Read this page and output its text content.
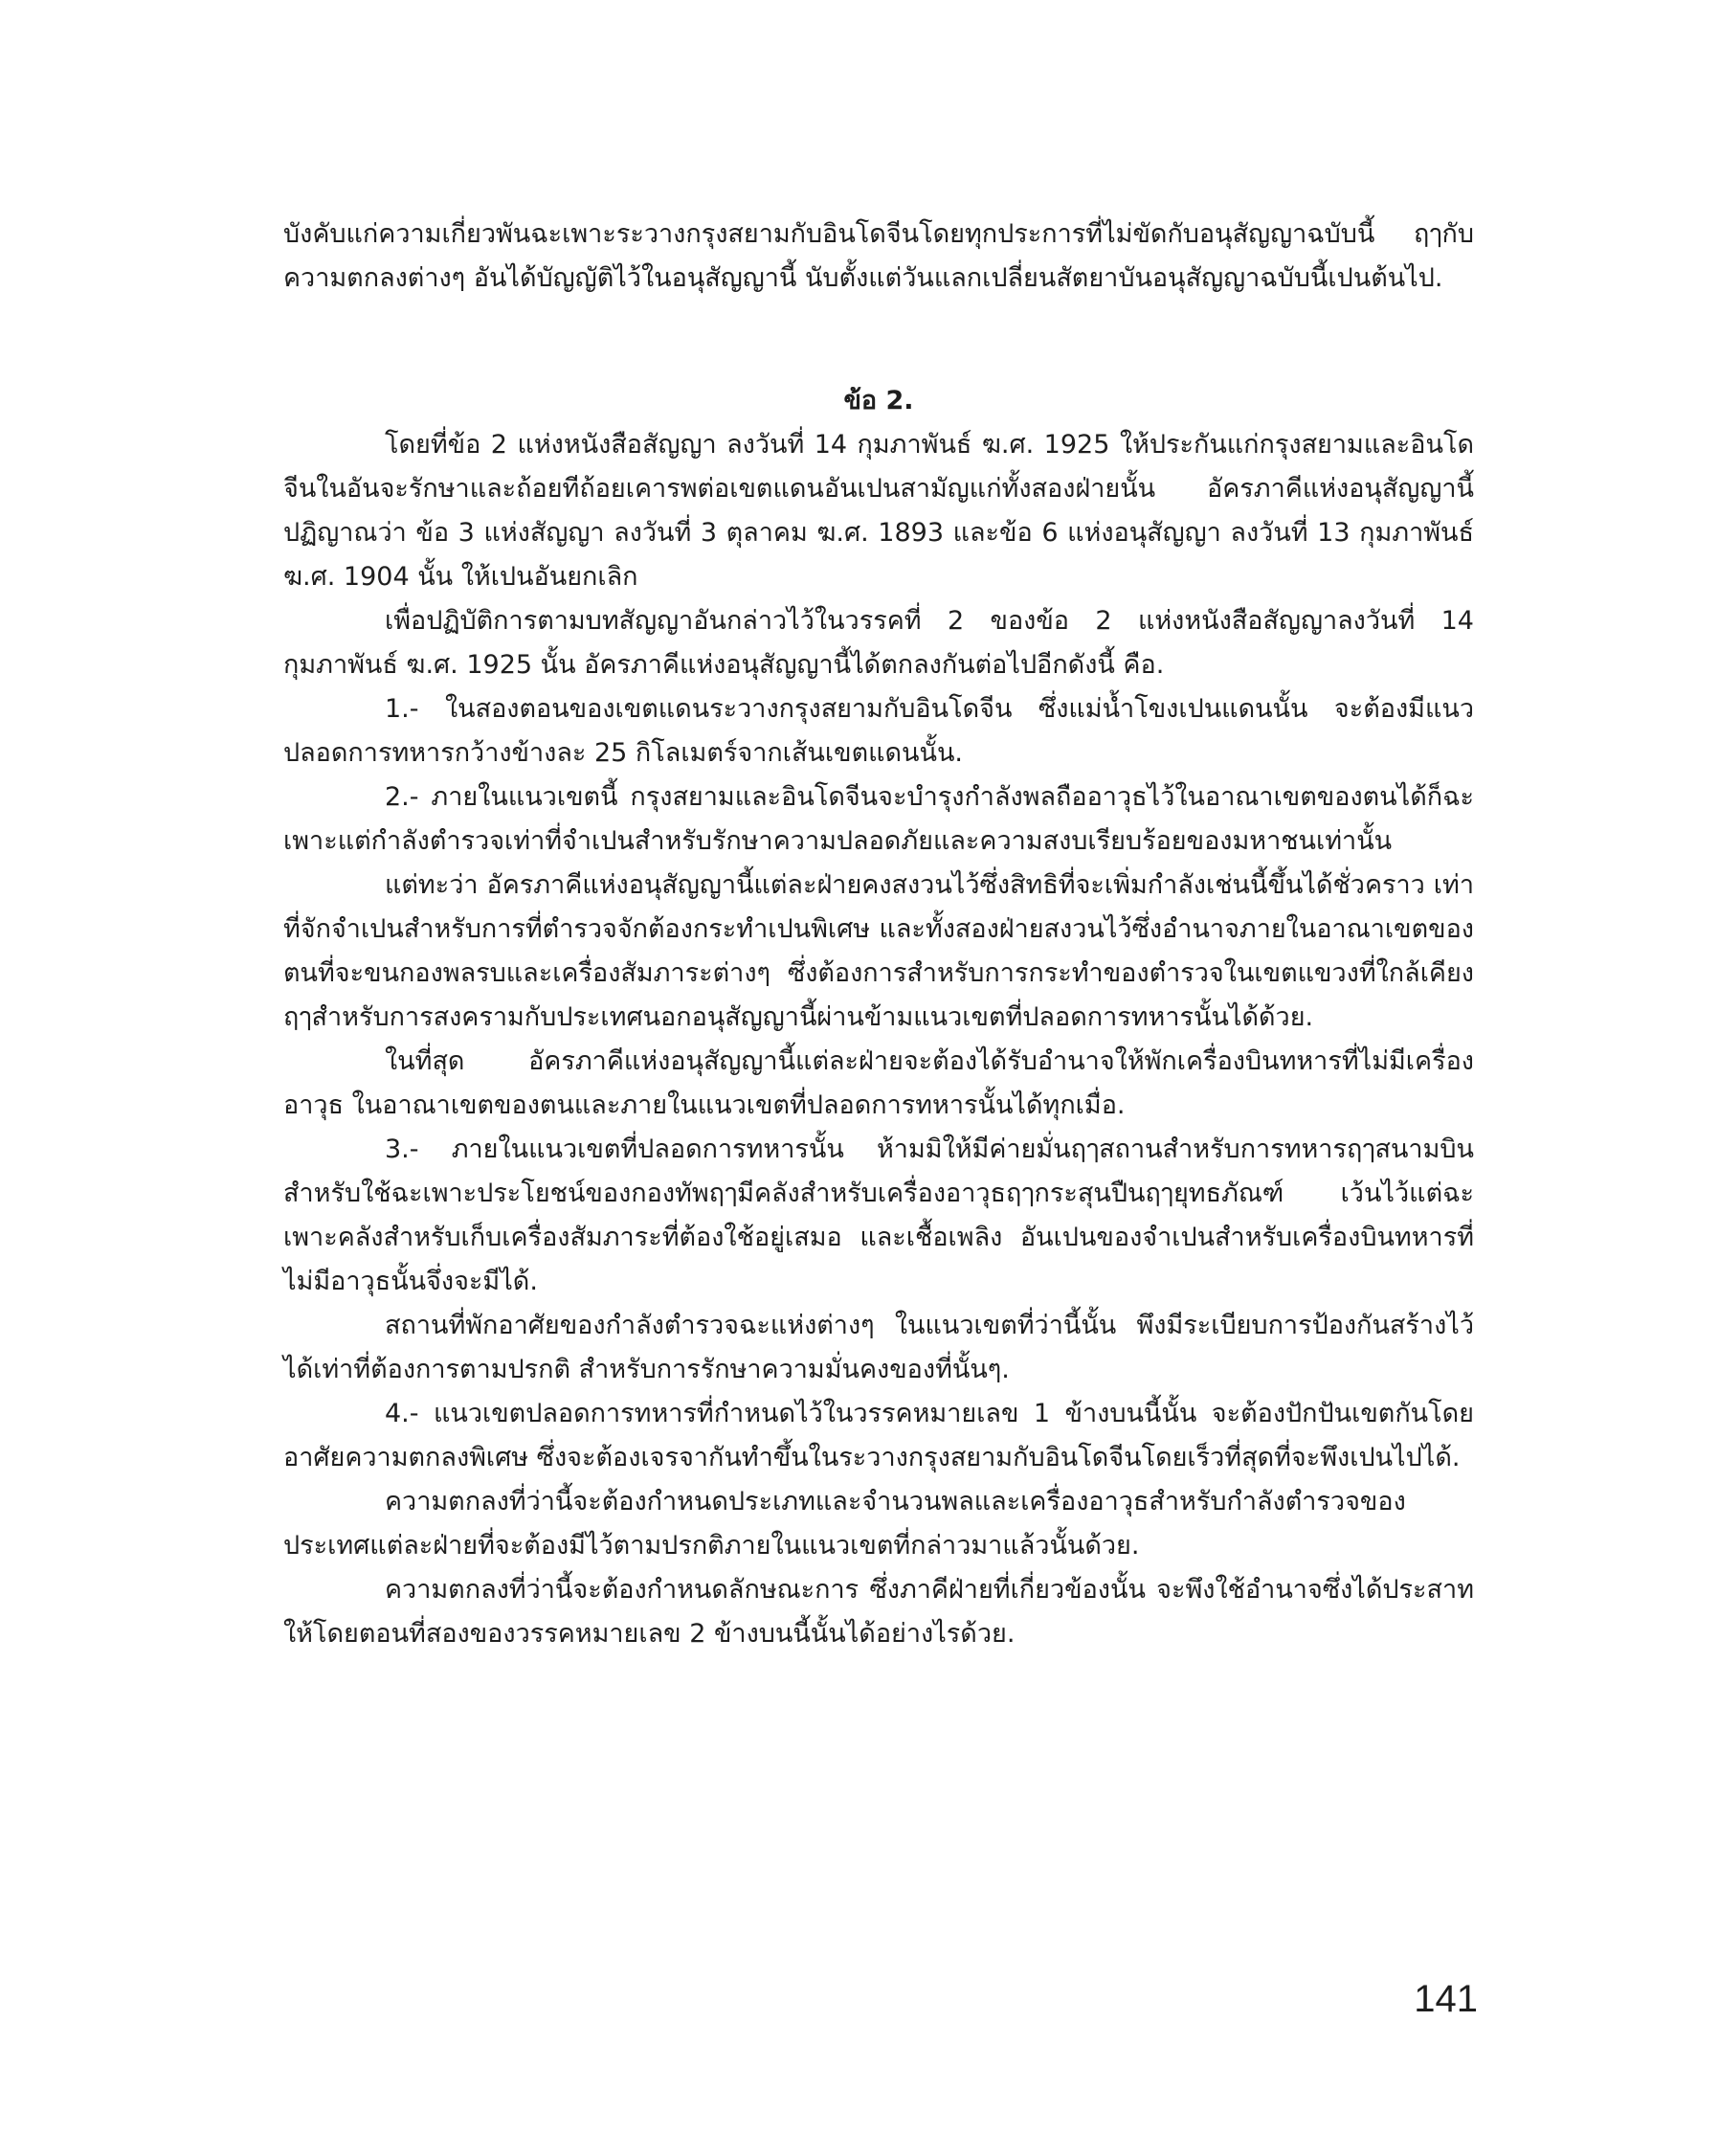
บังคับแก่ความเกี่ยวพันฉะเพาะระวางกรุงสยามกับอินโดจีนโดยทุกประการที่ไม่ขัดกับอนุสัญญาฉบับนี้ ฤๅกับความตกลงต่างๆ อันได้บัญญัติไว้ในอนุสัญญานี้ นับตั้งแต่วันแลกเปลี่ยนสัตยาบันอนุสัญญาฉบับนี้เปนต้นไป.

ข้อ 2.

โดยที่ข้อ 2 แห่งหนังสือสัญญา ลงวันที่ 14 กุมภาพันธ์ ฆ.ศ. 1925 ให้ประกันแก่กรุงสยามและอินโดจีนในอันจะรักษาและถ้อยทีถ้อยเคารพต่อเขตแดนอันเปนสามัญแก่ทั้งสองฝ่ายนั้น อัครภาคีแห่งอนุสัญญานี้ปฏิญาณว่า ข้อ 3 แห่งสัญญา ลงวันที่ 3 ตุลาคม ฆ.ศ. 1893 และข้อ 6 แห่งอนุสัญญา ลงวันที่ 13 กุมภาพันธ์ ฆ.ศ. 1904 นั้น ให้เปนอันยกเลิก

เพื่อปฏิบัติการตามบทสัญญาอันกล่าวไว้ในวรรคที่ 2 ของข้อ 2 แห่งหนังสือสัญญาลงวันที่ 14 กุมภาพันธ์ ฆ.ศ. 1925 นั้น อัครภาคีแห่งอนุสัญญานี้ได้ตกลงกันต่อไปอีกดังนี้ คือ.

1.- ในสองตอนของเขตแดนระวางกรุงสยามกับอินโดจีน ซึ่งแม่น้ำโขงเปนแดนนั้น จะต้องมีแนวปลอดการทหารกว้างข้างละ 25 กิโลเมตร์จากเส้นเขตแดนนั้น.

2.- ภายในแนวเขตนี้ กรุงสยามและอินโดจีนจะบำรุงกำลังพลถืออาวุธไว้ในอาณาเขตของตนได้ก็ฉะเพาะแต่กำลังตำรวจเท่าที่จำเปนสำหรับรักษาความปลอดภัยและความสงบเรียบร้อยของมหาชนเท่านั้น

แต่ทะว่า อัครภาคีแห่งอนุสัญญานี้แต่ละฝ่ายคงสงวนไว้ซึ่งสิทธิที่จะเพิ่มกำลังเช่นนี้ขึ้นได้ชั่วคราว เท่าที่จักจำเปนสำหรับการที่ตำรวจจักต้องกระทำเปนพิเศษ และทั้งสองฝ่ายสงวนไว้ซึ่งอำนาจภายในอาณาเขตของตนที่จะขนกองพลรบและเครื่องสัมภาระต่างๆ ซึ่งต้องการสำหรับการกระทำของตำรวจในเขตแขวงที่ใกล้เคียง ฤๅสำหรับการสงครามกับประเทศนอกอนุสัญญานี้ผ่านข้ามแนวเขตที่ปลอดการทหารนั้นได้ด้วย.

ในที่สุด อัครภาคีแห่งอนุสัญญานี้แต่ละฝ่ายจะต้องได้รับอำนาจให้พักเครื่องบินทหารที่ไม่มีเครื่องอาวุธ ในอาณาเขตของตนและภายในแนวเขตที่ปลอดการทหารนั้นได้ทุกเมื่อ.

3.- ภายในแนวเขตที่ปลอดการทหารนั้น ห้ามมิให้มีค่ายมั่นฤๅสถานสำหรับการทหารฤๅสนามบินสำหรับใช้ฉะเพาะประโยชน์ของกองทัพฤๅมีคลังสำหรับเครื่องอาวุธฤๅกระสุนปืนฤๅยุทธภัณฑ์ เว้นไว้แต่ฉะเพาะคลังสำหรับเก็บเครื่องสัมภาระที่ต้องใช้อยู่เสมอ และเชื้อเพลิง อันเปนของจำเปนสำหรับเครื่องบินทหารที่ไม่มีอาวุธนั้นจึ่งจะมีได้.

สถานที่พักอาศัยของกำลังตำรวจฉะแห่งต่างๆ ในแนวเขตที่ว่านี้นั้น พึงมีระเบียบการป้องกันสร้างไว้ได้เท่าที่ต้องการตามปรกติ สำหรับการรักษาความมั่นคงของที่นั้นๆ.

4.- แนวเขตปลอดการทหารที่กำหนดไว้ในวรรคหมายเลข 1 ข้างบนนี้นั้น จะต้องปักปันเขตกันโดยอาศัยความตกลงพิเศษ ซึ่งจะต้องเจรจากันทำขึ้นในระวางกรุงสยามกับอินโดจีนโดยเร็วที่สุดที่จะพึงเปนไปได้.

ความตกลงที่ว่านี้จะต้องกำหนดประเภทและจำนวนพลและเครื่องอาวุธสำหรับกำลังตำรวจของประเทศแต่ละฝ่ายที่จะต้องมีไว้ตามปรกติภายในแนวเขตที่กล่าวมาแล้วนั้นด้วย.

ความตกลงที่ว่านี้จะต้องกำหนดลักษณะการ ซึ่งภาคีฝ่ายที่เกี่ยวข้องนั้น จะพึงใช้อำนาจซึ่งได้ประสาทให้โดยตอนที่สองของวรรคหมายเลข 2 ข้างบนนี้นั้นได้อย่างไรด้วย.

141
